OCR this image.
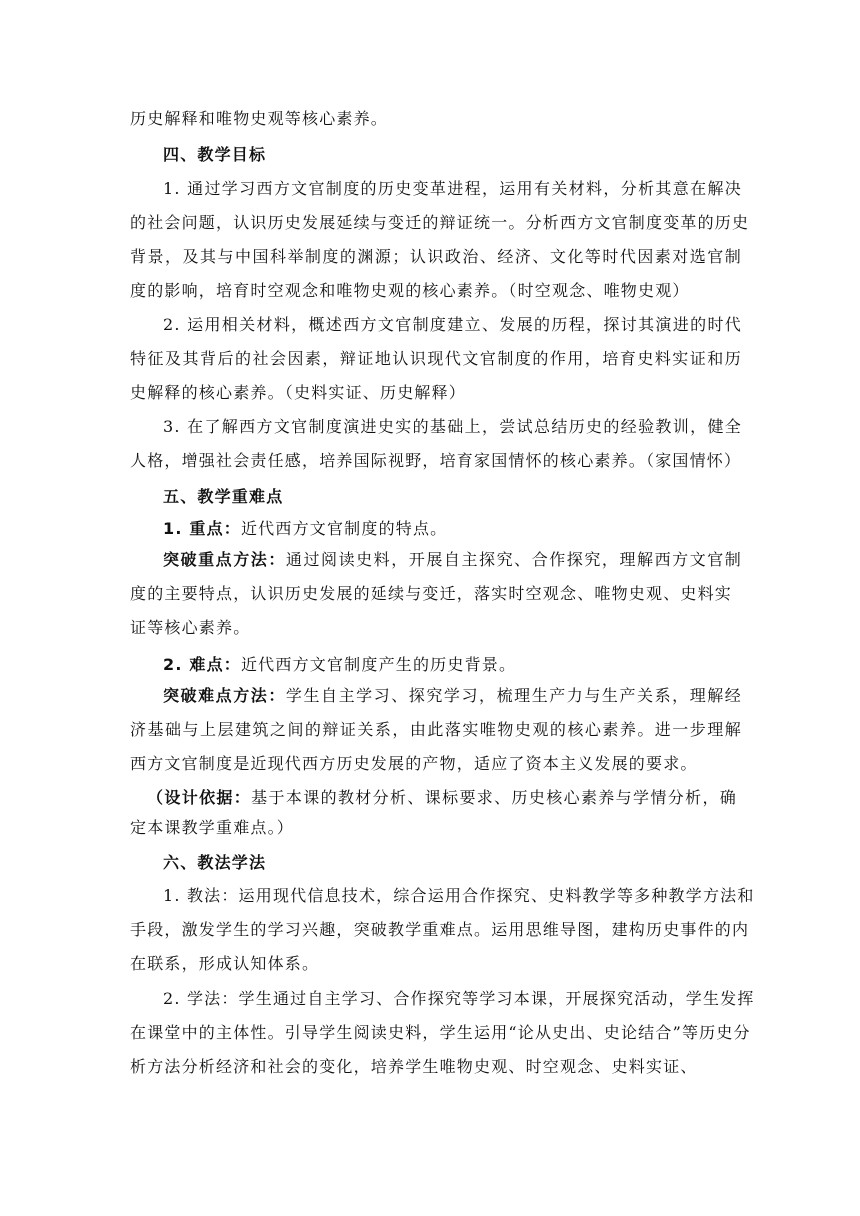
历史解释和唯物史观等核心素养。
四、教学目标
1. 通过学习西方文官制度的历史变革进程，运用有关材料，分析其意在解决
的社会问题，认识历史发展延续与变迁的辩证统一。分析西方文官制度变革的历史
背景，及其与中国科举制度的渊源；认识政治、经济、文化等时代因素对选官制
度的影响，培育时空观念和唯物史观的核心素养。（时空观念、唯物史观）
2. 运用相关材料，概述西方文官制度建立、发展的历程，探讨其演进的时代
特征及其背后的社会因素，辩证地认识现代文官制度的作用，培育史料实证和历
史解释的核心素养。（史料实证、历史解释）
3. 在了解西方文官制度演进史实的基础上，尝试总结历史的经验教训，健全
人格，增强社会责任感，培养国际视野，培育家国情怀的核心素养。（家国情怀）
五、教学重难点
1. 重点：近代西方文官制度的特点。
突破重点方法：通过阅读史料，开展自主探究、合作探究，理解西方文官制
度的主要特点，认识历史发展的延续与变迁，落实时空观念、唯物史观、史料实
证等核心素养。
2. 难点：近代西方文官制度产生的历史背景。
突破难点方法：学生自主学习、探究学习，梳理生产力与生产关系，理解经
济基础与上层建筑之间的辩证关系，由此落实唯物史观的核心素养。进一步理解
西方文官制度是近现代西方历史发展的产物，适应了资本主义发展的要求。
（设计依据：基于本课的教材分析、课标要求、历史核心素养与学情分析，确
定本课教学重难点。）
六、教法学法
1. 教法：运用现代信息技术，综合运用合作探究、史料教学等多种教学方法和
手段，激发学生的学习兴趣，突破教学重难点。运用思维导图，建构历史事件的内
在联系，形成认知体系。
2. 学法：学生通过自主学习、合作探究等学习本课，开展探究活动，学生发挥
在课堂中的主体性。引导学生阅读史料，学生运用“论从史出、史论结合”等历史分
析方法分析经济和社会的变化，培养学生唯物史观、时空观念、史料实证、
